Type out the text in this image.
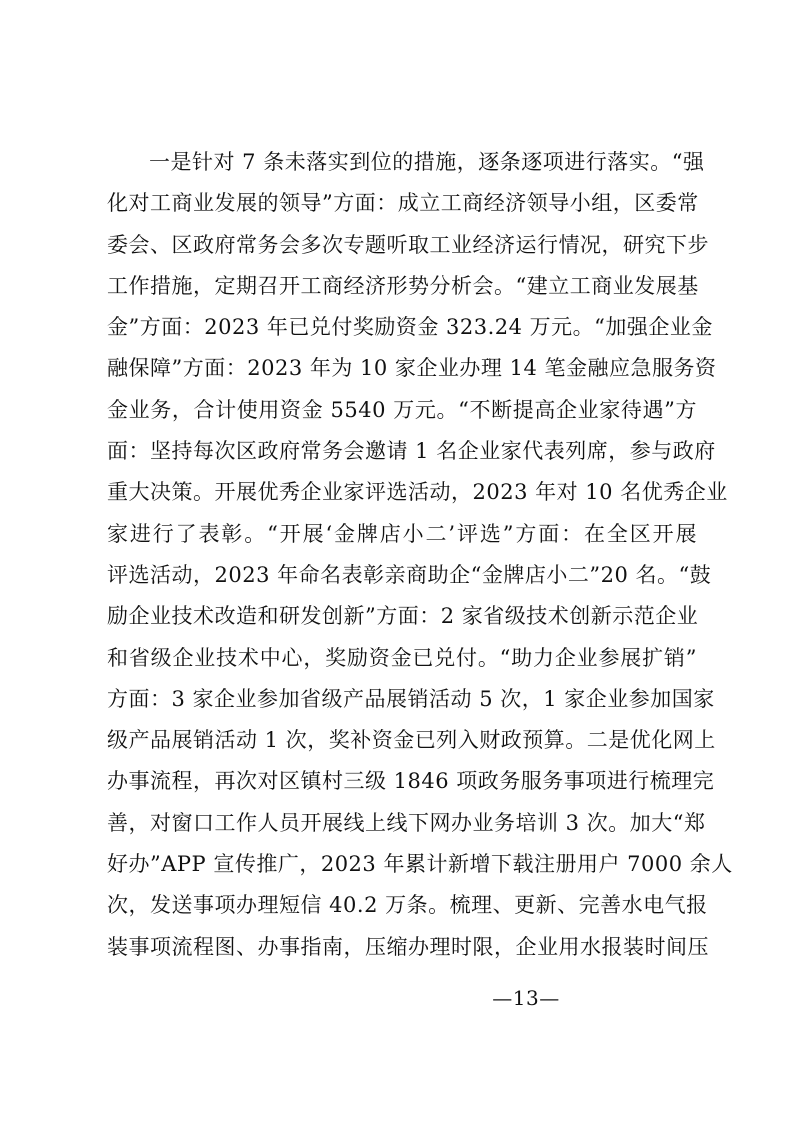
一是针对 7 条未落实到位的措施，逐条逐项进行落实。“强
化对工商业发展的领导”方面：成立工商经济领导小组，区委常
委会、区政府常务会多次专题听取工业经济运行情况，研究下步
工作措施，定期召开工商经济形势分析会。“建立工商业发展基
金”方面：2023 年已兑付奖励资金 323.24 万元。“加强企业金
融保障”方面：2023 年为 10 家企业办理 14 笔金融应急服务资
金业务，合计使用资金 5540 万元。“不断提高企业家待遇”方
面：坚持每次区政府常务会邀请 1 名企业家代表列席，参与政府
重大决策。开展优秀企业家评选活动，2023 年对 10 名优秀企业
家进行了表彰。“开展‘金牌店小二’评选”方面：在全区开展
评选活动，2023 年命名表彰亲商助企“金牌店小二”20 名。“鼓
励企业技术改造和研发创新”方面：2 家省级技术创新示范企业
和省级企业技术中心，奖励资金已兑付。“助力企业参展扩销”
方面：3 家企业参加省级产品展销活动 5 次，1 家企业参加国家
级产品展销活动 1 次，奖补资金已列入财政预算。二是优化网上
办事流程，再次对区镇村三级 1846 项政务服务事项进行梳理完
善，对窗口工作人员开展线上线下网办业务培训 3 次。加大“郑
好办”APP 宣传推广，2023 年累计新增下载注册用户 7000 余人
次，发送事项办理短信 40.2 万条。梳理、更新、完善水电气报
装事项流程图、办事指南，压缩办理时限，企业用水报装时间压
—13—
